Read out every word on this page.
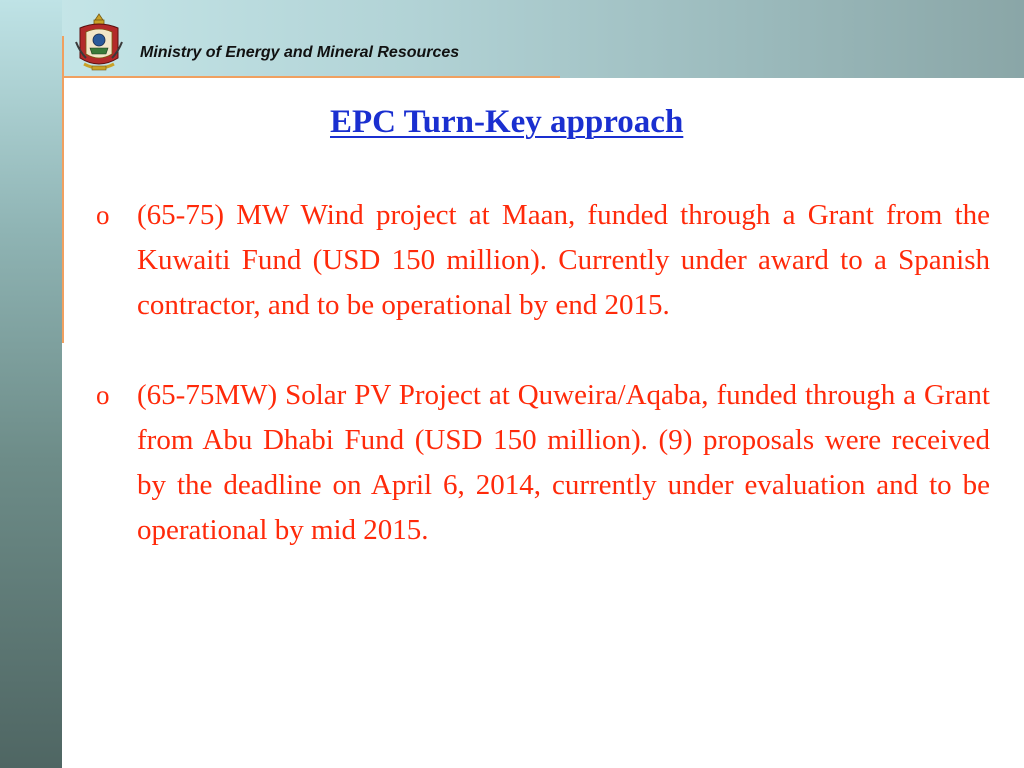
Ministry of Energy and Mineral Resources
EPC Turn-Key approach
o (65-75) MW Wind project at Maan, funded through a Grant from the Kuwaiti Fund (USD 150 million). Currently under award to a Spanish contractor, and to be operational by end 2015.
o (65-75MW) Solar PV Project at Quweira/Aqaba, funded through a Grant from Abu Dhabi Fund (USD 150 million). (9) proposals were received by the deadline on April 6, 2014, currently under evaluation and to be operational by mid 2015.
